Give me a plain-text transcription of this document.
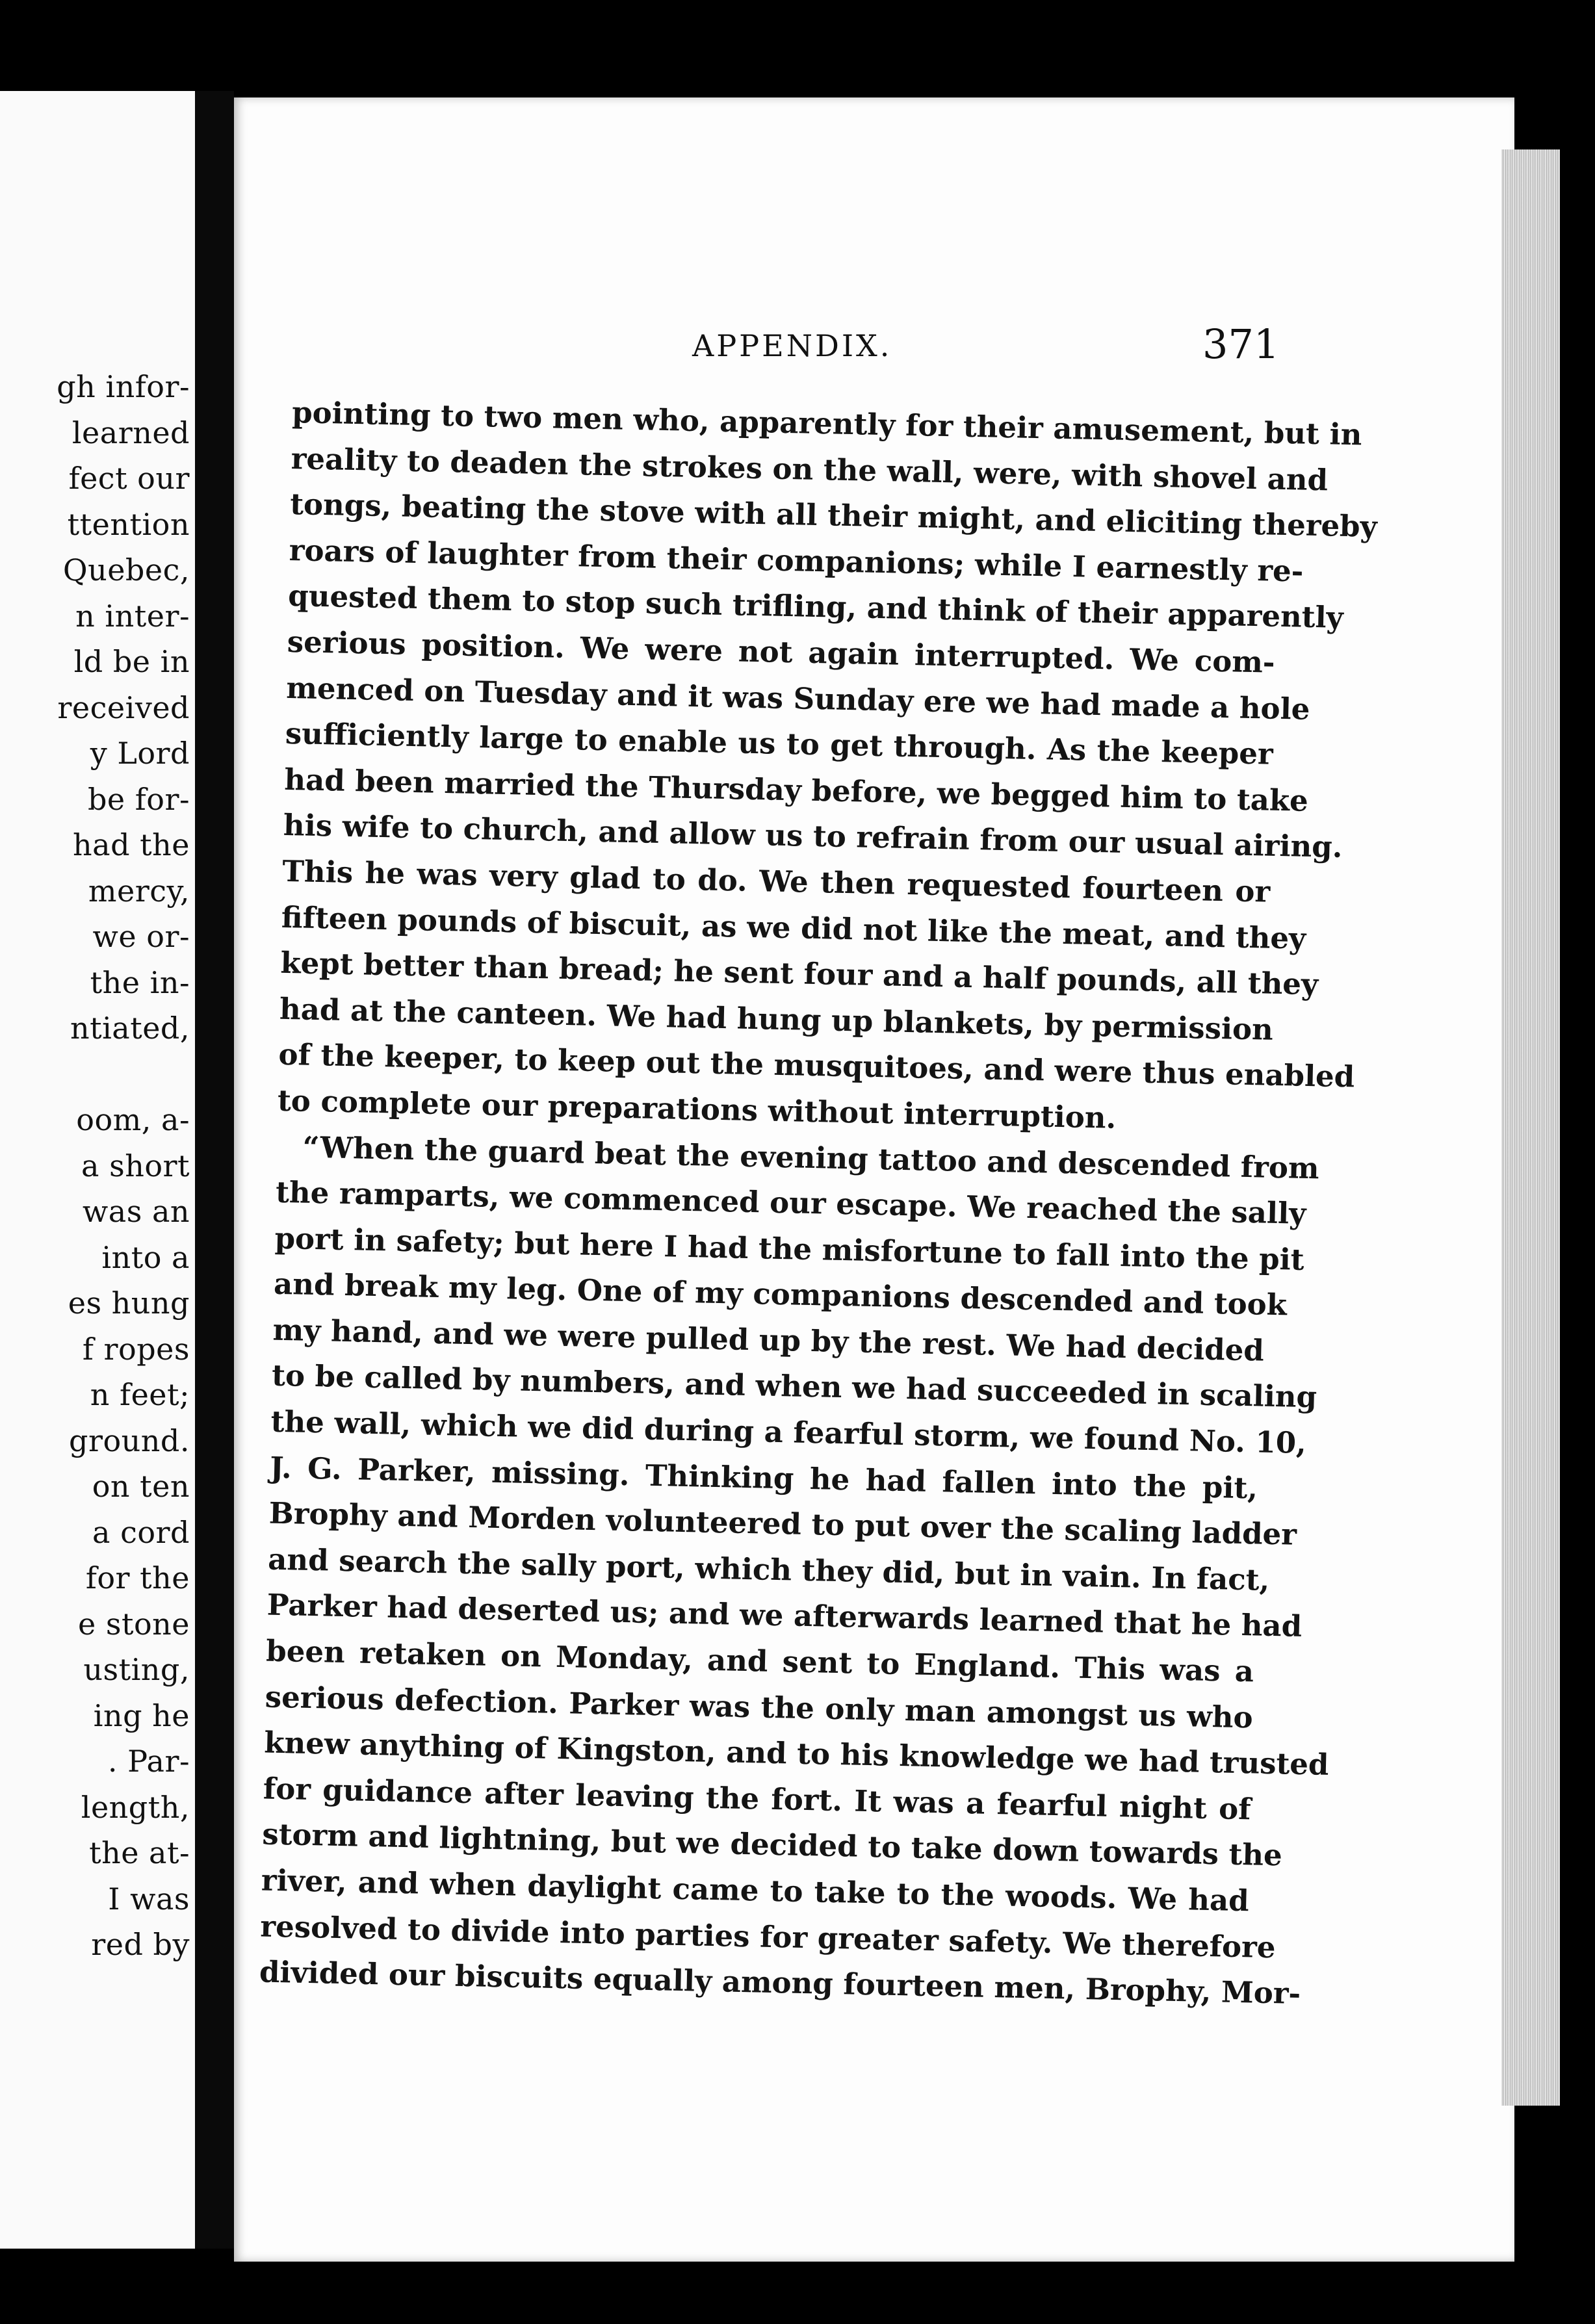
gh infor-
learned
fect our
ttention
Quebec,
n inter-
ld be in
received
y Lord
be for-
had the
mercy,
we or-
the in-
ntiated,
oom, a-
a short
was an
into a
es hung
f ropes
n feet;
ground.
on ten
a cord
for the
e stone
usting,
ing he
. Par-
length,
the at-
I was
red by
APPENDIX.	371
pointing to two men who, apparently for their amusement, but in
reality to deaden the strokes on the wall, were, with shovel and
tongs, beating the stove with all their might, and eliciting thereby
roars of laughter from their companions; while I earnestly re-
quested them to stop such trifling, and think of their apparently
serious position. We were not again interrupted. We com-
menced on Tuesday and it was Sunday ere we had made a hole
sufficiently large to enable us to get through. As the keeper
had been married the Thursday before, we begged him to take
his wife to church, and allow us to refrain from our usual airing.
This he was very glad to do. We then requested fourteen or
fifteen pounds of biscuit, as we did not like the meat, and they
kept better than bread; he sent four and a half pounds, all they
had at the canteen. We had hung up blankets, by permission
of the keeper, to keep out the musquitoes, and were thus enabled
to complete our preparations without interruption.
“When the guard beat the evening tattoo and descended from
the ramparts, we commenced our escape. We reached the sally
port in safety; but here I had the misfortune to fall into the pit
and break my leg. One of my companions descended and took
my hand, and we were pulled up by the rest. We had decided
to be called by numbers, and when we had succeeded in scaling
the wall, which we did during a fearful storm, we found No. 10,
J. G. Parker, missing. Thinking he had fallen into the pit,
Brophy and Morden volunteered to put over the scaling ladder
and search the sally port, which they did, but in vain. In fact,
Parker had deserted us; and we afterwards learned that he had
been retaken on Monday, and sent to England. This was a
serious defection. Parker was the only man amongst us who
knew anything of Kingston, and to his knowledge we had trusted
for guidance after leaving the fort. It was a fearful night of
storm and lightning, but we decided to take down towards the
river, and when daylight came to take to the woods. We had
resolved to divide into parties for greater safety. We therefore
divided our biscuits equally among fourteen men, Brophy, Mor-
